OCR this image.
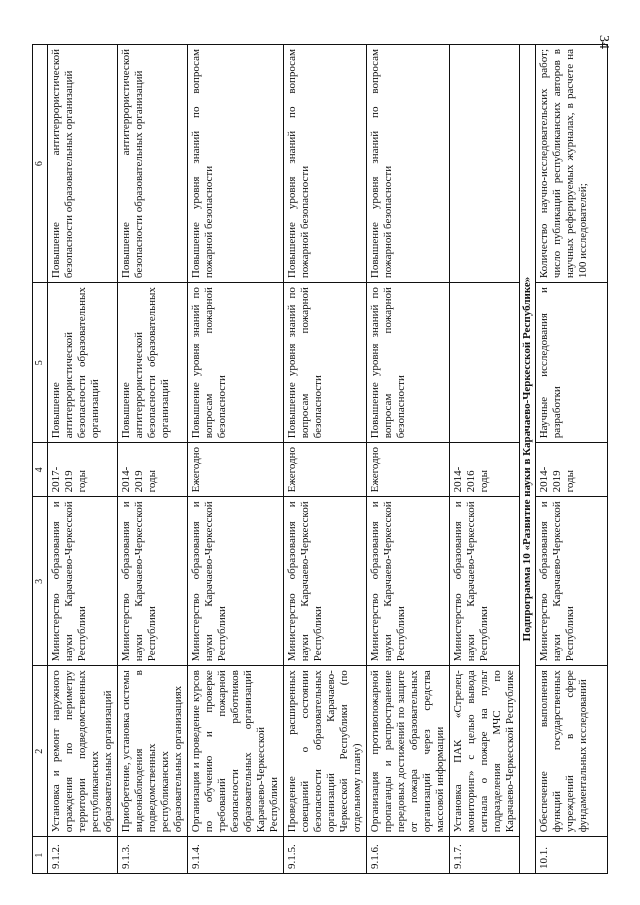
34
1	2	3	4	5	6
9.1.2.	Установка и ремонт наружного ограждения по периметру территории подведомственных республиканских образовательных организаций	Министерство образования и науки Карачаево-Черкесской Республики	2017-2019 годы	Повышение антитеррористической безопасности образовательных организаций	Повышение антитеррористической безопасности образовательных организаций
9.1.3.	Приобретение, установка системы видеонаблюдения в подведомственных республиканских образовательных организациях	Министерство образования и науки Карачаево-Черкесской Республики	2014-2019 годы	Повышение антитеррористической безопасности образовательных организаций	Повышение антитеррористической безопасности образовательных организаций
9.1.4.	Организация и проведение курсов по обучению и проверке требований пожарной безопасности работников образовательных организаций Карачаево-Черкесской Республики	Министерство образования и науки Карачаево-Черкесской Республики	Ежегодно	Повышение уровня знаний по вопросам пожарной безопасности	Повышение уровня знаний по вопросам пожарной безопасности
9.1.5.	Проведение расширенных совещаний о состоянии безопасности образовательных организаций Карачаево-Черкесской Республики (по отдельному плану)	Министерство образования и науки Карачаево-Черкесской Республики	Ежегодно	Повышение уровня знаний по вопросам пожарной безопасности	Повышение уровня знаний по вопросам пожарной безопасности
9.1.6.	Организация противопожарной пропаганды и распространение передовых достижений по защите от пожара образовательных организаций через средства массовой информации	Министерство образования и науки Карачаево-Черкесской Республики	Ежегодно	Повышение уровня знаний по вопросам пожарной безопасности	Повышение уровня знаний по вопросам пожарной безопасности
9.1.7.	Установка ПАК «Стрелец-мониторинг» с целью вывода сигнала о пожаре на пульт подразделения МЧС по Карачаево-Черкесской Республике	Министерство образования и науки Карачаево-Черкесской Республики	2014-2016 годы		
Подпрограмма 10 «Развитие науки в Карачаево-Черкесской Республике»					
10.1.	Обеспечение выполнения функций государственных учреждений в сфере фундаментальных исследований	Министерство образования и науки Карачаево-Черкесской Республики	2014-2019 годы	Научные исследования и разработки	Количество научно-исследовательских работ; число публикаций республиканских авторов в научных реферируемых журналах, в расчете на 100 исследователей;
